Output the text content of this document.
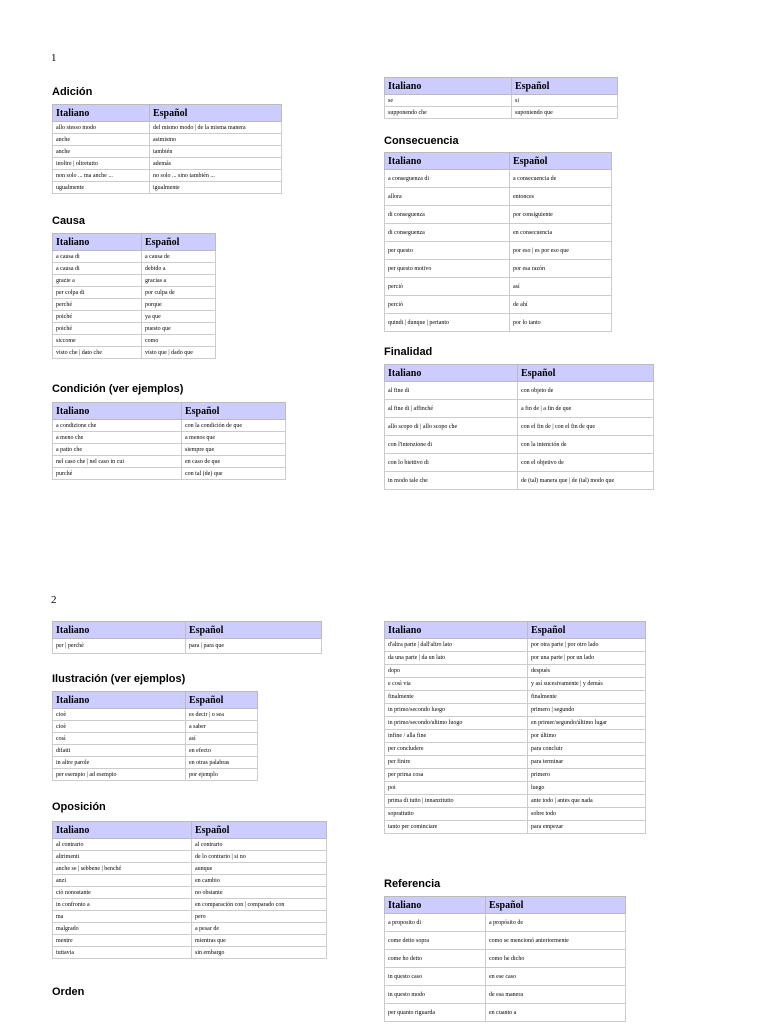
1
2
Adición
Italiano	Español
allo stesso modo	del mismo modo | de la misma manera
anche	asimismo
anche	también
inoltre | oltretutto	además
non solo ... ma anche ...	no solo ... sino también ...
ugualmente	igualmente
Causa
Italiano	Español
a causa di	a causa de
a causa di	debido a
grazie a	gracias a
per colpa di	por culpa de
perché	porque
poiché	ya que
poiché	puesto que
siccome	como
visto che | dato che	visto que | dado que
Condición (ver ejemplos)
Italiano	Español
a condizione che	con la condición de que
a meno che	a menos que
a patto che	siempre que
nel caso che | nel caso in cui	en caso de que
purché	con tal (de) que
Italiano	Español
se	si
supponendo che	suponiendo que
Consecuencia
Italiano	Español
a conseguenza di	a consecuencia de
allora	entonces
di conseguenza	por consiguiente
di conseguenza	en consecuencia
per questo	por eso | es por eso que
per questo motivo	por esa razón
perciò	así
perciò	de ahí
quindi | dunque | pertanto	por lo tanto
Finalidad
Italiano	Español
al fine di	con objeto de
al fine di | affinché	a fin de | a fin de que
allo scopo di | allo scopo che	con el fin de | con el fin de que
con l'intenzione di	con la intención de
con lo biettivo di	con el objetivo de
in modo tale che	de (tal) manera que | de (tal) modo que
Italiano	Español
per | perché	para | para que
Ilustración (ver ejemplos)
Italiano	Español
cioè	es decir | o sea
cioè	a saber
così	así
difatti	en efecto
in altre parole	en otras palabras
per esempio | ad esempio	por ejemplo
Oposición
Italiano	Español
al contrario	al contrario
altrimenti	de lo contrario | si no
anche se | sebbene | benché	aunque
anzi	en cambio
ciò nonostante	no obstante
in confronto a	en comparación con | comparado con
ma	pero
malgrado	a pesar de
mentre	mientras que
tuttavia	sin embargo
Orden
Italiano	Español
d'altra parte | dall'altro lato	por otra parte | por otro lado
da una parte | da un lato	por una parte | por un lado
dopo	después
e così via	y así sucesivamente | y demás
finalmente	finalmente
in primo/secondo luogo	primero | segundo
in primo/secondo/ultimo luogo	en primer/segundo/último lugar
infine / alla fine	por último
per concludere	para concluir
per finire	para terminar
per prima cosa	primero
poi	luego
prima di tutto | innanzitutto	ante todo | antes que nada
soprattutto	sobre todo
tanto per cominciare	para empezar
Referencia
Italiano	Español
a proposito di	a propósito de
come detto sopra	como se mencionó anteriormente
come ho detto	como he dicho
in questo caso	en ese caso
in questo modo	de esa manera
per quanto riguarda	en cuanto a
